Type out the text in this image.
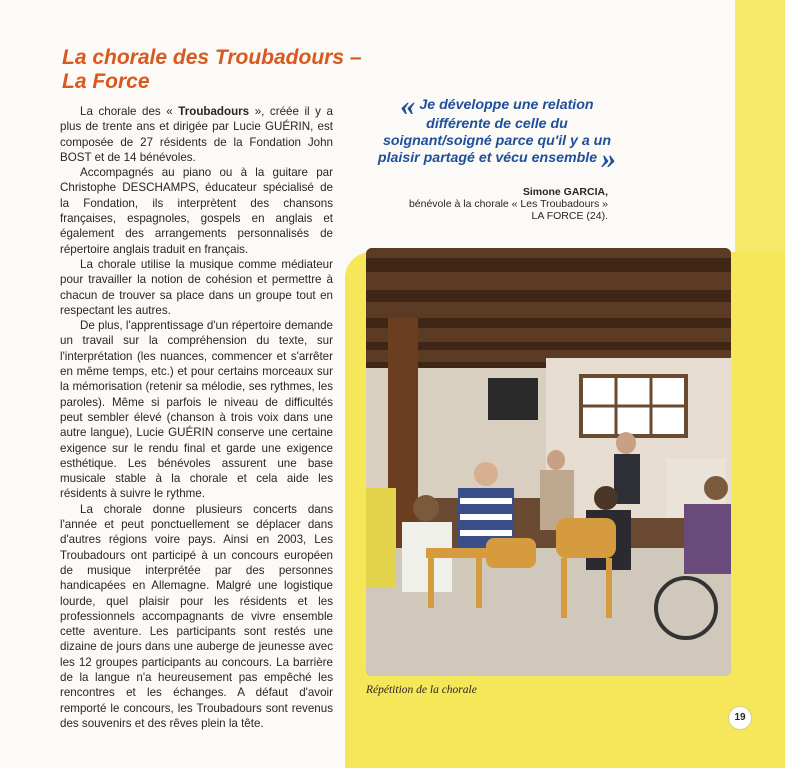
La chorale des Troubadours –
La Force

La chorale des « Troubadours », créée il y a plus de trente ans et dirigée par Lucie GUÉRIN, est composée de 27 résidents de la Fondation John BOST et de 14 bénévoles.

Accompagnés au piano ou à la guitare par Christophe DESCHAMPS, éducateur spécialisé de la Fondation, ils interprètent des chansons françaises, espagnoles, gospels en anglais et également des arrangements personnalisés de répertoire anglais traduit en français.

La chorale utilise la musique comme médiateur pour travailler la notion de cohésion et permettre à chacun de trouver sa place dans un groupe tout en respectant les autres.

De plus, l'apprentissage d'un répertoire demande un travail sur la compréhension du texte, sur l'interprétation (les nuances, commencer et s'arrêter en même temps, etc.) et pour certains morceaux sur la mémorisation (retenir sa mélodie, ses rythmes, les paroles). Même si parfois le niveau de difficultés peut sembler élevé (chanson à trois voix dans une autre langue), Lucie GUÉRIN conserve une certaine exigence sur le rendu final et garde une exigence esthétique. Les bénévoles assurent une base musicale stable à la chorale et cela aide les résidents à suivre le rythme.

La chorale donne plusieurs concerts dans l'année et peut ponctuellement se déplacer dans d'autres régions voire pays. Ainsi en 2003, Les Troubadours ont participé à un concours européen de musique interprétée par des personnes handicapées en Allemagne. Malgré une logistique lourde, quel plaisir pour les résidents et les professionnels accompagnants de vivre ensemble cette aventure. Les participants sont restés une dizaine de jours dans une auberge de jeunesse avec les 12 groupes participants au concours. La barrière de la langue n'a heureusement pas empêché les rencontres et les échanges. A défaut d'avoir remporté le concours, les Troubadours sont revenus des souvenirs et des rêves plein la tête.

« Je développe une relation différente de celle du soignant/soigné parce qu'il y a un plaisir partagé et vécu ensemble »
Simone GARCIA,
bénévole à la chorale « Les Troubadours »
LA FORCE (24).
Répétition de la chorale
19
